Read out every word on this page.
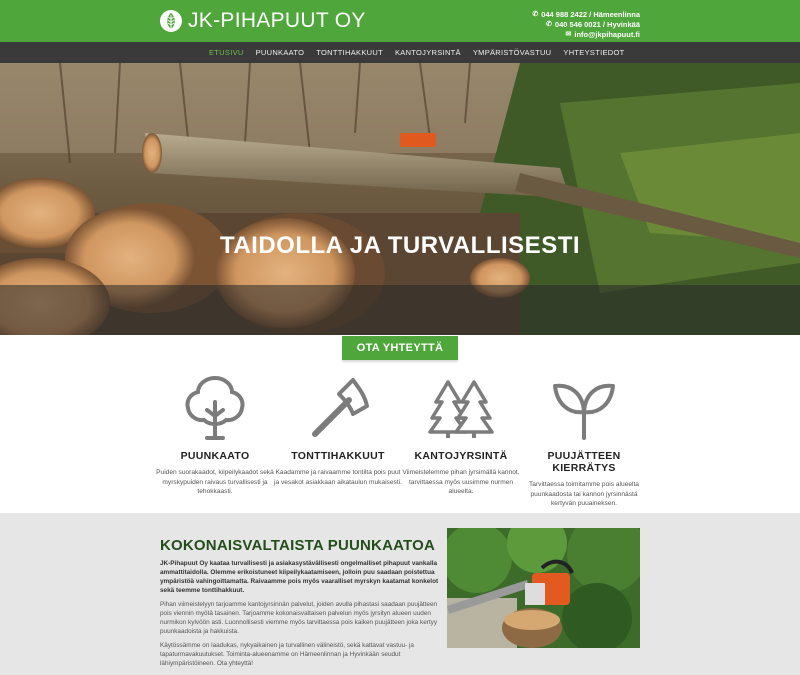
JK-PIHAPUUT OY	✆ 044 988 2422 / Hämeenlinna
✆ 040 546 0021 / Hyvinkää
✉ info@jkpihapuut.fi
ETUSIVU PUUNKAATO TONTTIHAKKUUT KANTOJYRSINTÄ YMPÄRISTÖVASTUU YHTEYSTIEDOT
TAIDOLLA JA TURVALLISESTI
OTA YHTEYTTÄ
PUUNKAATO
Puiden suorakaadot, kiipeilykaadot sekä myrskypuiden raivaus turvallisesti ja tehokkaasti.
TONTTIHAKKUUT
Kaadamme ja raivaamme tontilta pois puut ja vesakot asiakkaan aikataulun mukaisesti.
KANTOJYRSINTÄ
Viimeistelemme pihan jyrsimällä kannot, tarvittaessa myös uusimme nurmen alueelta.
PUUJÄTTEEN KIERRÄTYS
Tarvittaessa toimitamme pois alueelta puunkaadosta tai kannon jyrsinnästä kertyvän puuaineksen.
KOKONAISVALTAISTA PUUNKAATOA

JK-Pihapuut Oy kaataa turvallisesti ja asiakasystävällisesti ongelmalliset pihapuut vankalla ammattitaidolla. Olemme erikoistuneet kiipeilykaatamiseen, jolloin puu saadaan poistettua ympäristöä vahingoittamatta. Raivaamme pois myös vaaralliset myrskyn kaatamat konkelot sekä teemme tonttihakkuut.

Pihan viimeistelyyn tarjoamme kantojyrsinnän palvelut, joiden avulla pihastasi saadaan puujätteen pois viennin myötä tasainen. Tarjoamme kokonaisvaltaisen palvelun myös jyrsityn alueen uuden nurmikon kylvöön asti. Luonnollisesti viemme myös tarvittaessa pois kaiken puujätteen joka kertyy puunkaadoista ja hakkuista.

Käytössämme on laadukas, nykyaikainen ja turvallinen välineistö, sekä kattavat vastuu- ja tapaturmavakuutukset. Toiminta-alueenamme on Hämeenlinnan ja Hyvinkään seudut lähiympäristöineen. Ota yhteyttä!
